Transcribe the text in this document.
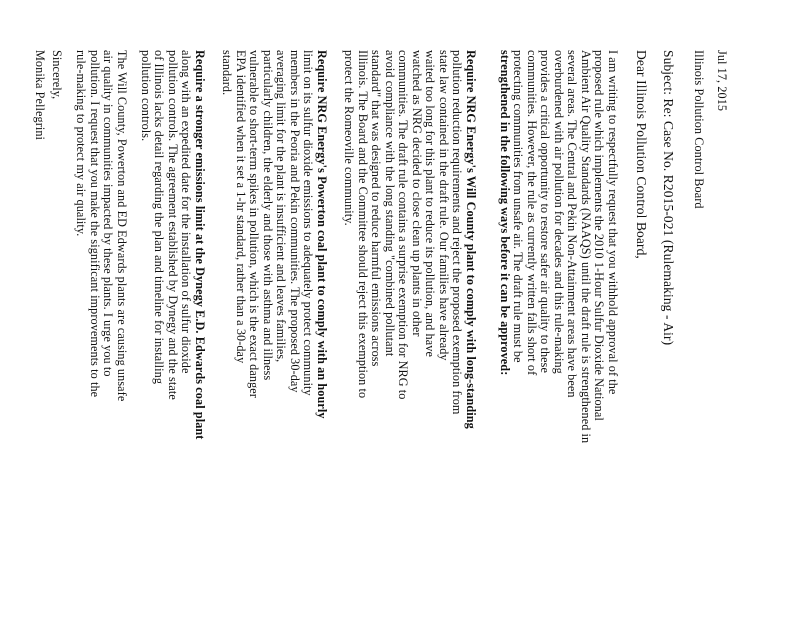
Jul 17, 2015
Illinois Pollution Control Board
Subject: Re: Case No. R2015-021 (Rulemaking - Air)
Dear Illinois Pollution Control Board,
I am writing to respectfully request that you withhold approval of the
proposed rule which implements the 2010 1-Hour Sulfur Dioxide National
Ambient Air Quality Standards (NAAQS) until the draft rule is strengthened in
several areas. The Central and Pekin Non-Attainment areas have been
overburdened with air pollution for decades and this rule-making
provides a critical opportunity to restore safer air quality to these
communities. However, the rule as currently written falls short of
protecting communities from unsafe air. The draft rule must be
strengthened in the following ways before it can be approved:
Require NRG Energy's Will County plant to comply with long-standing
pollution reduction requirements and reject the proposed exemption from
state law contained in the draft rule. Our families have already
waited too long for this plant to reduce its pollution, and have
watched as NRG decided to close clean up plants in other
communities. The draft rule contains a surprise exemption for NRG to
avoid compliance with the long standing "combined pollutant
standard" that was designed to reduce harmful emissions across
Illinois. The Board and the Committee should reject this exemption to
protect the Romeoville community.
Require NRG Energy's Powerton coal plant to comply with an hourly
limit on its sulfur dioxide emissions to adequately protect community
members in the Peoria and Pekin communities. The proposed 30-day
averaging limit for the plant is insufficient and leaves families,
particularly children, the elderly and those with asthma and illness
vulnerable to short-term spikes in pollution, which is the exact danger
EPA identified when it set a 1-hr standard, rather than a 30-day
standard.
Require a stronger emissions limit at the Dynegy E.D. Edwards coal plant
along with an expedited date for the installation of sulfur dioxide
pollution controls. The agreement established by Dynegy and the state
of Illinois lacks detail regarding the plan and timeline for installing
pollution controls.
The Will County, Powerton and ED Edwards plants are causing unsafe
air quality in communities impacted by these plants. I urge you to
pollution. I request that you make the significant improvements to the
rule-making to protect my air quality.
Sincerely,
Monika Pellegrini
